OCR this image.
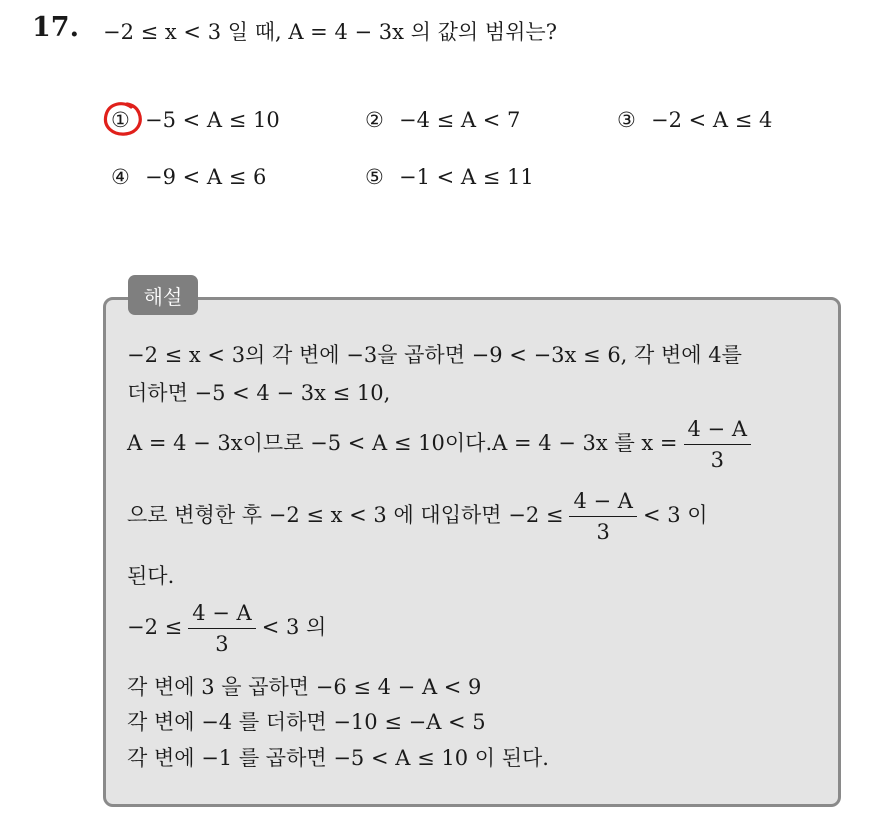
17. −2 ≤ x < 3 일 때, A = 4 − 3x 의 값의 범위는?
① −5 < A ≤ 10	② −4 ≤ A < 7	③ −2 < A ≤ 4
④ −9 < A ≤ 6	⑤ −1 < A ≤ 11
해설
−2 ≤ x < 3의 각 변에 −3을 곱하면 −9 < −3x ≤ 6, 각 변에 4를
더하면 −5 < 4 − 3x ≤ 10,
A = 4 − 3x이므로 −5 < A ≤ 10이다.A = 4 − 3x 를 $x = \frac{4 - A}{3}$
으로 변형한 후 −2 ≤ x < 3 에 대입하면 $-2 \le \frac{4 - A}{3} < 3$ 이
된다.
$-2 \le \frac{4 - A}{3} < 3$ 의
각 변에 3 을 곱하면 −6 ≤ 4 − A < 9
각 변에 −4 를 더하면 −10 ≤ −A < 5
각 변에 −1 를 곱하면 −5 < A ≤ 10 이 된다.
